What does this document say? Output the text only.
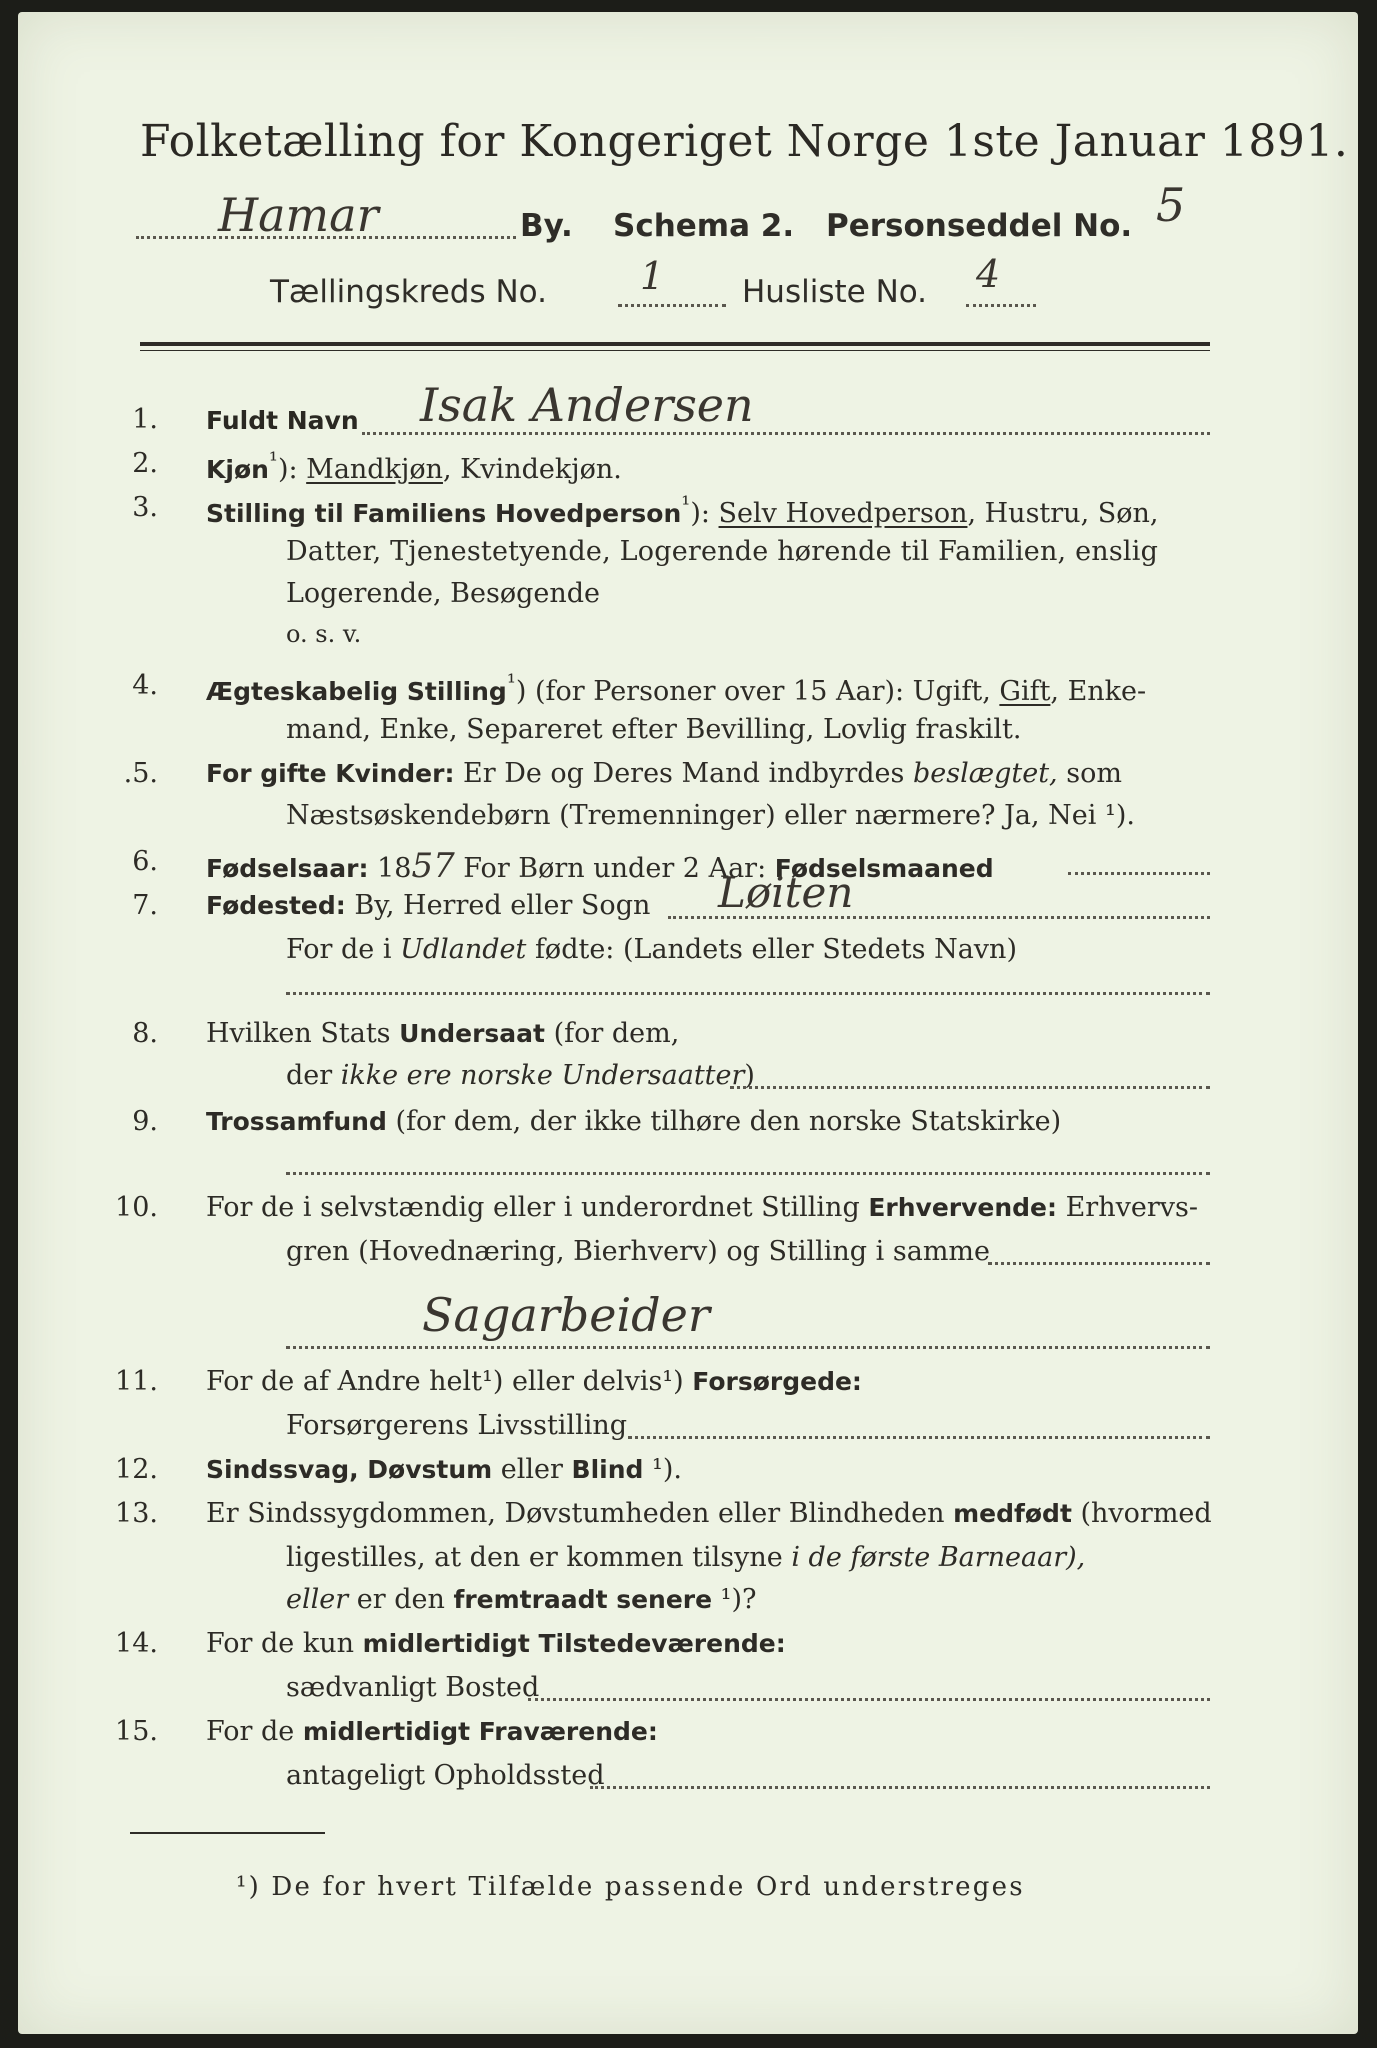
Folketælling for Kongeriget Norge 1ste Januar 1891.
Hamar	By. Schema 2. Personseddel No. 5
Tællingskreds No. 1	Husliste No. 4
1. Fuldt Navn Isak Andersen
2. Kjøn$^{^1}$): Mandkjøn, Kvindekjøn.
3. Stilling til Familiens Hovedperson$^{^1}$): Selv Hovedperson, Hustru, Søn,
Datter, Tjenestetyende, Logerende hørende til Familien, enslig
Logerende, Besøgende
o. s. v.
4. Ægteskabelig Stilling$^{^1}$) (for Personer over 15 Aar): Ugift, Gift, Enke-
mand, Enke, Separeret efter Bevilling, Lovlig fraskilt.
.5. For gifte Kvinder: Er De og Deres Mand indbyrdes beslægtet, som
Næstsøskendebørn (Tremenninger) eller nærmere? Ja, Nei ¹).
6. Fødselsaar: 1857 For Børn under 2 Aar: Fødselsmaaned
7. Fødested: By, Herred eller Sogn Løiten
For de i Udlandet fødte: (Landets eller Stedets Navn)
8. Hvilken Stats Undersaat (for dem,
der ikke ere norske Undersaatter)
9. Trossamfund (for dem, der ikke tilhøre den norske Statskirke)
10. For de i selvstændig eller i underordnet Stilling Erhvervende: Erhvervs-
gren (Hovednæring, Bierhverv) og Stilling i samme
Sagarbeider
11. For de af Andre helt¹) eller delvis¹) Forsørgede:
Forsørgerens Livsstilling
12. Sindssvag, Døvstum eller Blind ¹).
13. Er Sindssygdommen, Døvstumheden eller Blindheden medfødt (hvormed
ligestilles, at den er kommen tilsyne i de første Barneaar),
eller er den fremtraadt senere ¹)?
14. For de kun midlertidigt Tilstedeværende:
sædvanligt Bosted
15. For de midlertidigt Fraværende:
antageligt Opholdssted
¹) De for hvert Tilfælde passende Ord understreges
